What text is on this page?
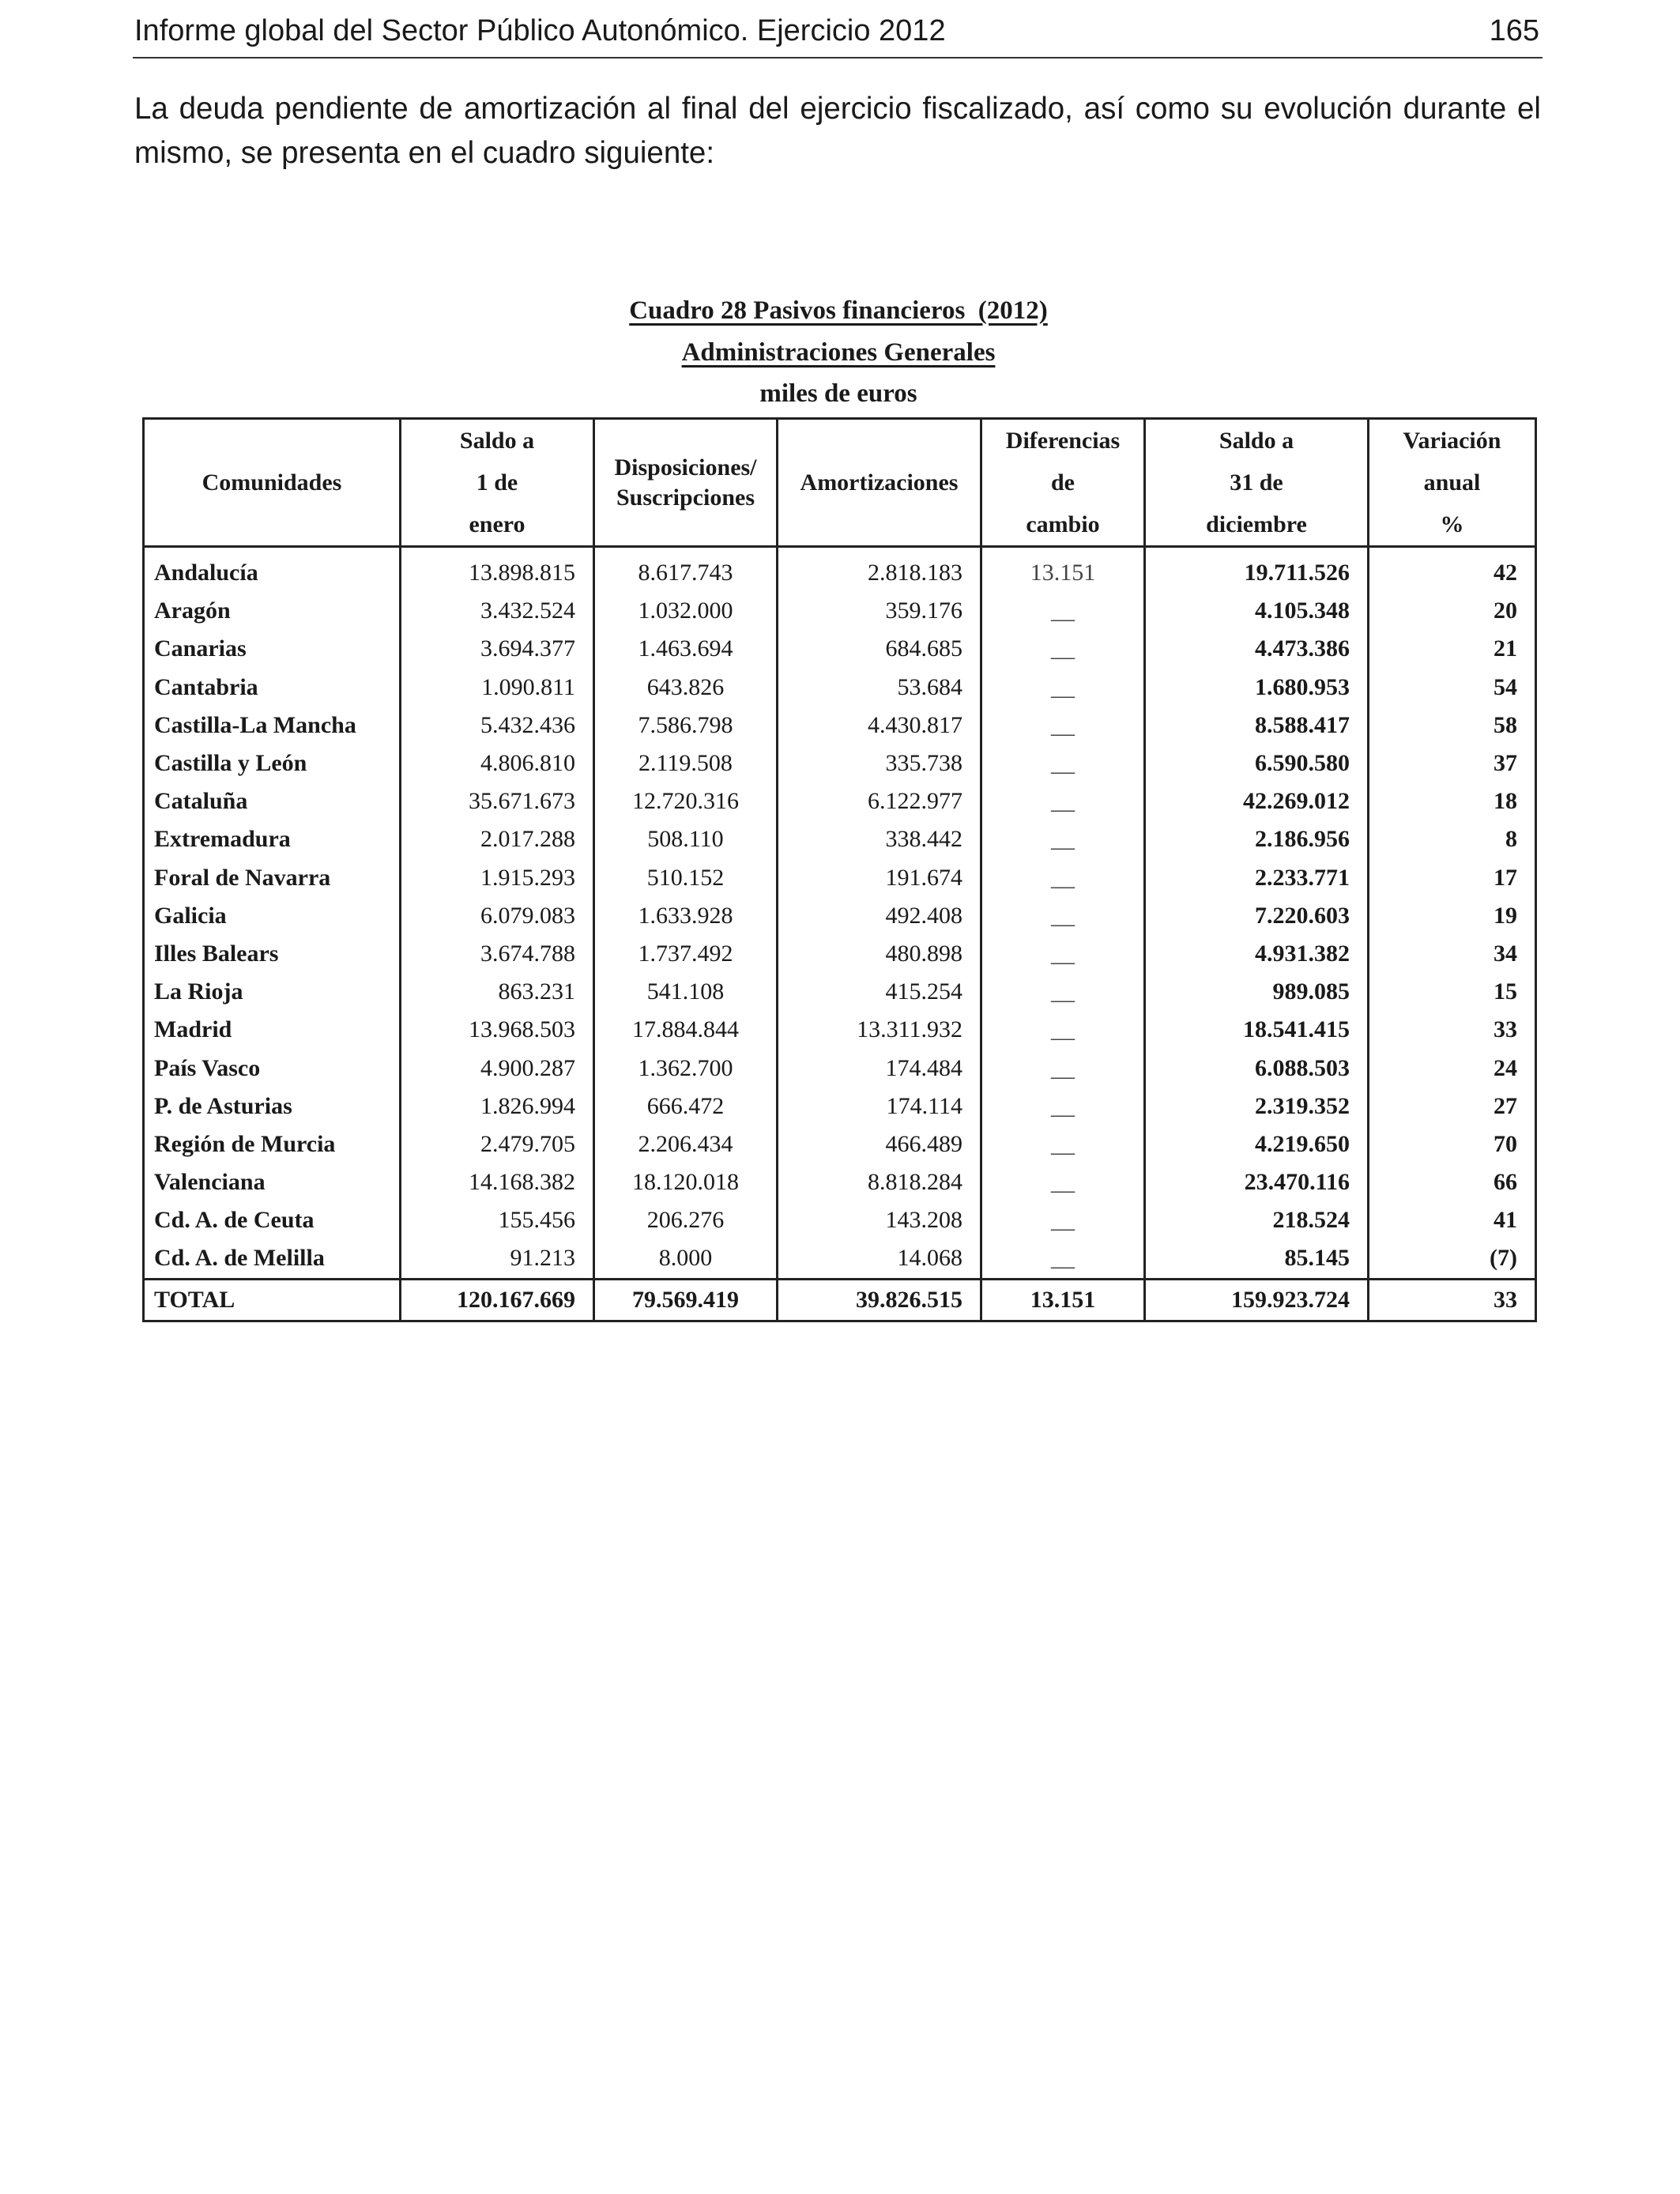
Informe global del Sector Público Autonómico. Ejercicio 2012	165

La deuda pendiente de amortización al final del ejercicio fiscalizado, así como su evolución durante el mismo, se presenta en el cuadro siguiente:

Cuadro 28 Pasivos financieros  (2012)
Administraciones Generales
miles de euros
Comunidades	Saldo a
1 de
enero	Disposiciones/
Suscripciones	Amortizaciones	Diferencias
de
cambio	Saldo a
31 de
diciembre	Variación
anual
%

Andalucía	13.898.815	8.617.743	2.818.183	13.151	19.711.526	42
Aragón	3.432.524	1.032.000	359.176	__	4.105.348	20
Canarias	3.694.377	1.463.694	684.685	__	4.473.386	21
Cantabria	1.090.811	643.826	53.684	__	1.680.953	54
Castilla-La Mancha	5.432.436	7.586.798	4.430.817	__	8.588.417	58
Castilla y León	4.806.810	2.119.508	335.738	__	6.590.580	37
Cataluña	35.671.673	12.720.316	6.122.977	__	42.269.012	18
Extremadura	2.017.288	508.110	338.442	__	2.186.956	8
Foral de Navarra	1.915.293	510.152	191.674	__	2.233.771	17
Galicia	6.079.083	1.633.928	492.408	__	7.220.603	19
Illes Balears	3.674.788	1.737.492	480.898	__	4.931.382	34
La Rioja	863.231	541.108	415.254	__	989.085	15
Madrid	13.968.503	17.884.844	13.311.932	__	18.541.415	33
País Vasco	4.900.287	1.362.700	174.484	__	6.088.503	24
P. de Asturias	1.826.994	666.472	174.114	__	2.319.352	27
Región de Murcia	2.479.705	2.206.434	466.489	__	4.219.650	70
Valenciana	14.168.382	18.120.018	8.818.284	__	23.470.116	66
Cd. A. de Ceuta	155.456	206.276	143.208	__	218.524	41
Cd. A. de Melilla	91.213	8.000	14.068	__	85.145	(7)
TOTAL	120.167.669	79.569.419	39.826.515	13.151	159.923.724	33
